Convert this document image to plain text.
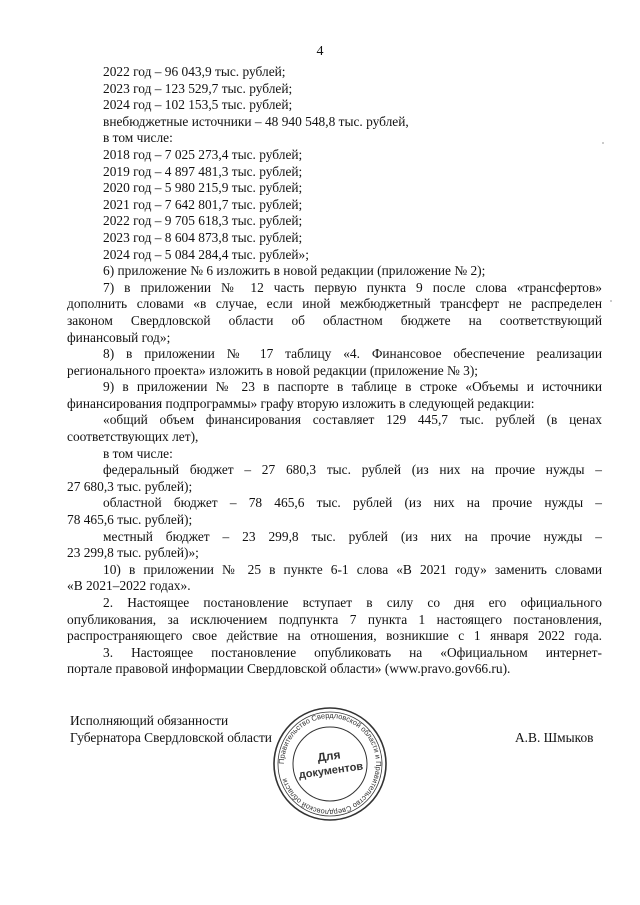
4
2022 год – 96 043,9 тыс. рублей;
2023 год – 123 529,7 тыс. рублей;
2024 год – 102 153,5 тыс. рублей;
внебюджетные источники – 48 940 548,8 тыс. рублей,
в том числе:
2018 год – 7 025 273,4 тыс. рублей;
2019 год – 4 897 481,3 тыс. рублей;
2020 год – 5 980 215,9 тыс. рублей;
2021 год – 7 642 801,7 тыс. рублей;
2022 год – 9 705 618,3 тыс. рублей;
2023 год – 8 604 873,8 тыс. рублей;
2024 год – 5 084 284,4 тыс. рублей»;
6) приложение № 6 изложить в новой редакции (приложение № 2);
7) в приложении № 12 часть первую пункта 9 после слова «трансфертов»
дополнить словами «в случае, если иной межбюджетный трансферт не распределен
законом Свердловской области об областном бюджете на соответствующий
финансовый год»;
8) в приложении № 17 таблицу «4. Финансовое обеспечение реализации
регионального проекта» изложить в новой редакции (приложение № 3);
9) в приложении № 23 в паспорте в таблице в строке «Объемы и источники
финансирования подпрограммы» графу вторую изложить в следующей редакции:
«общий объем финансирования составляет 129 445,7 тыс. рублей (в ценах
соответствующих лет),
в том числе:
федеральный бюджет – 27 680,3 тыс. рублей (из них на прочие нужды –
27 680,3 тыс. рублей);
областной бюджет – 78 465,6 тыс. рублей (из них на прочие нужды –
78 465,6 тыс. рублей);
местный бюджет – 23 299,8 тыс. рублей (из них на прочие нужды –
23 299,8 тыс. рублей)»;
10) в приложении № 25 в пункте 6-1 слова «В 2021 году» заменить словами
«В 2021–2022 годах».
2. Настоящее постановление вступает в силу со дня его официального
опубликования, за исключением подпункта 7 пункта 1 настоящего постановления,
распространяющего свое действие на отношения, возникшие с 1 января 2022 года.
3. Настоящее постановление опубликовать на «Официальном интернет-
портале правовой информации Свердловской области» (www.pravo.gov66.ru).
Исполняющий обязанности
Губернатора Свердловской области	А.В. Шмыков
Правительство Свердловской области и Правительство Свердловской области
Для
документов
